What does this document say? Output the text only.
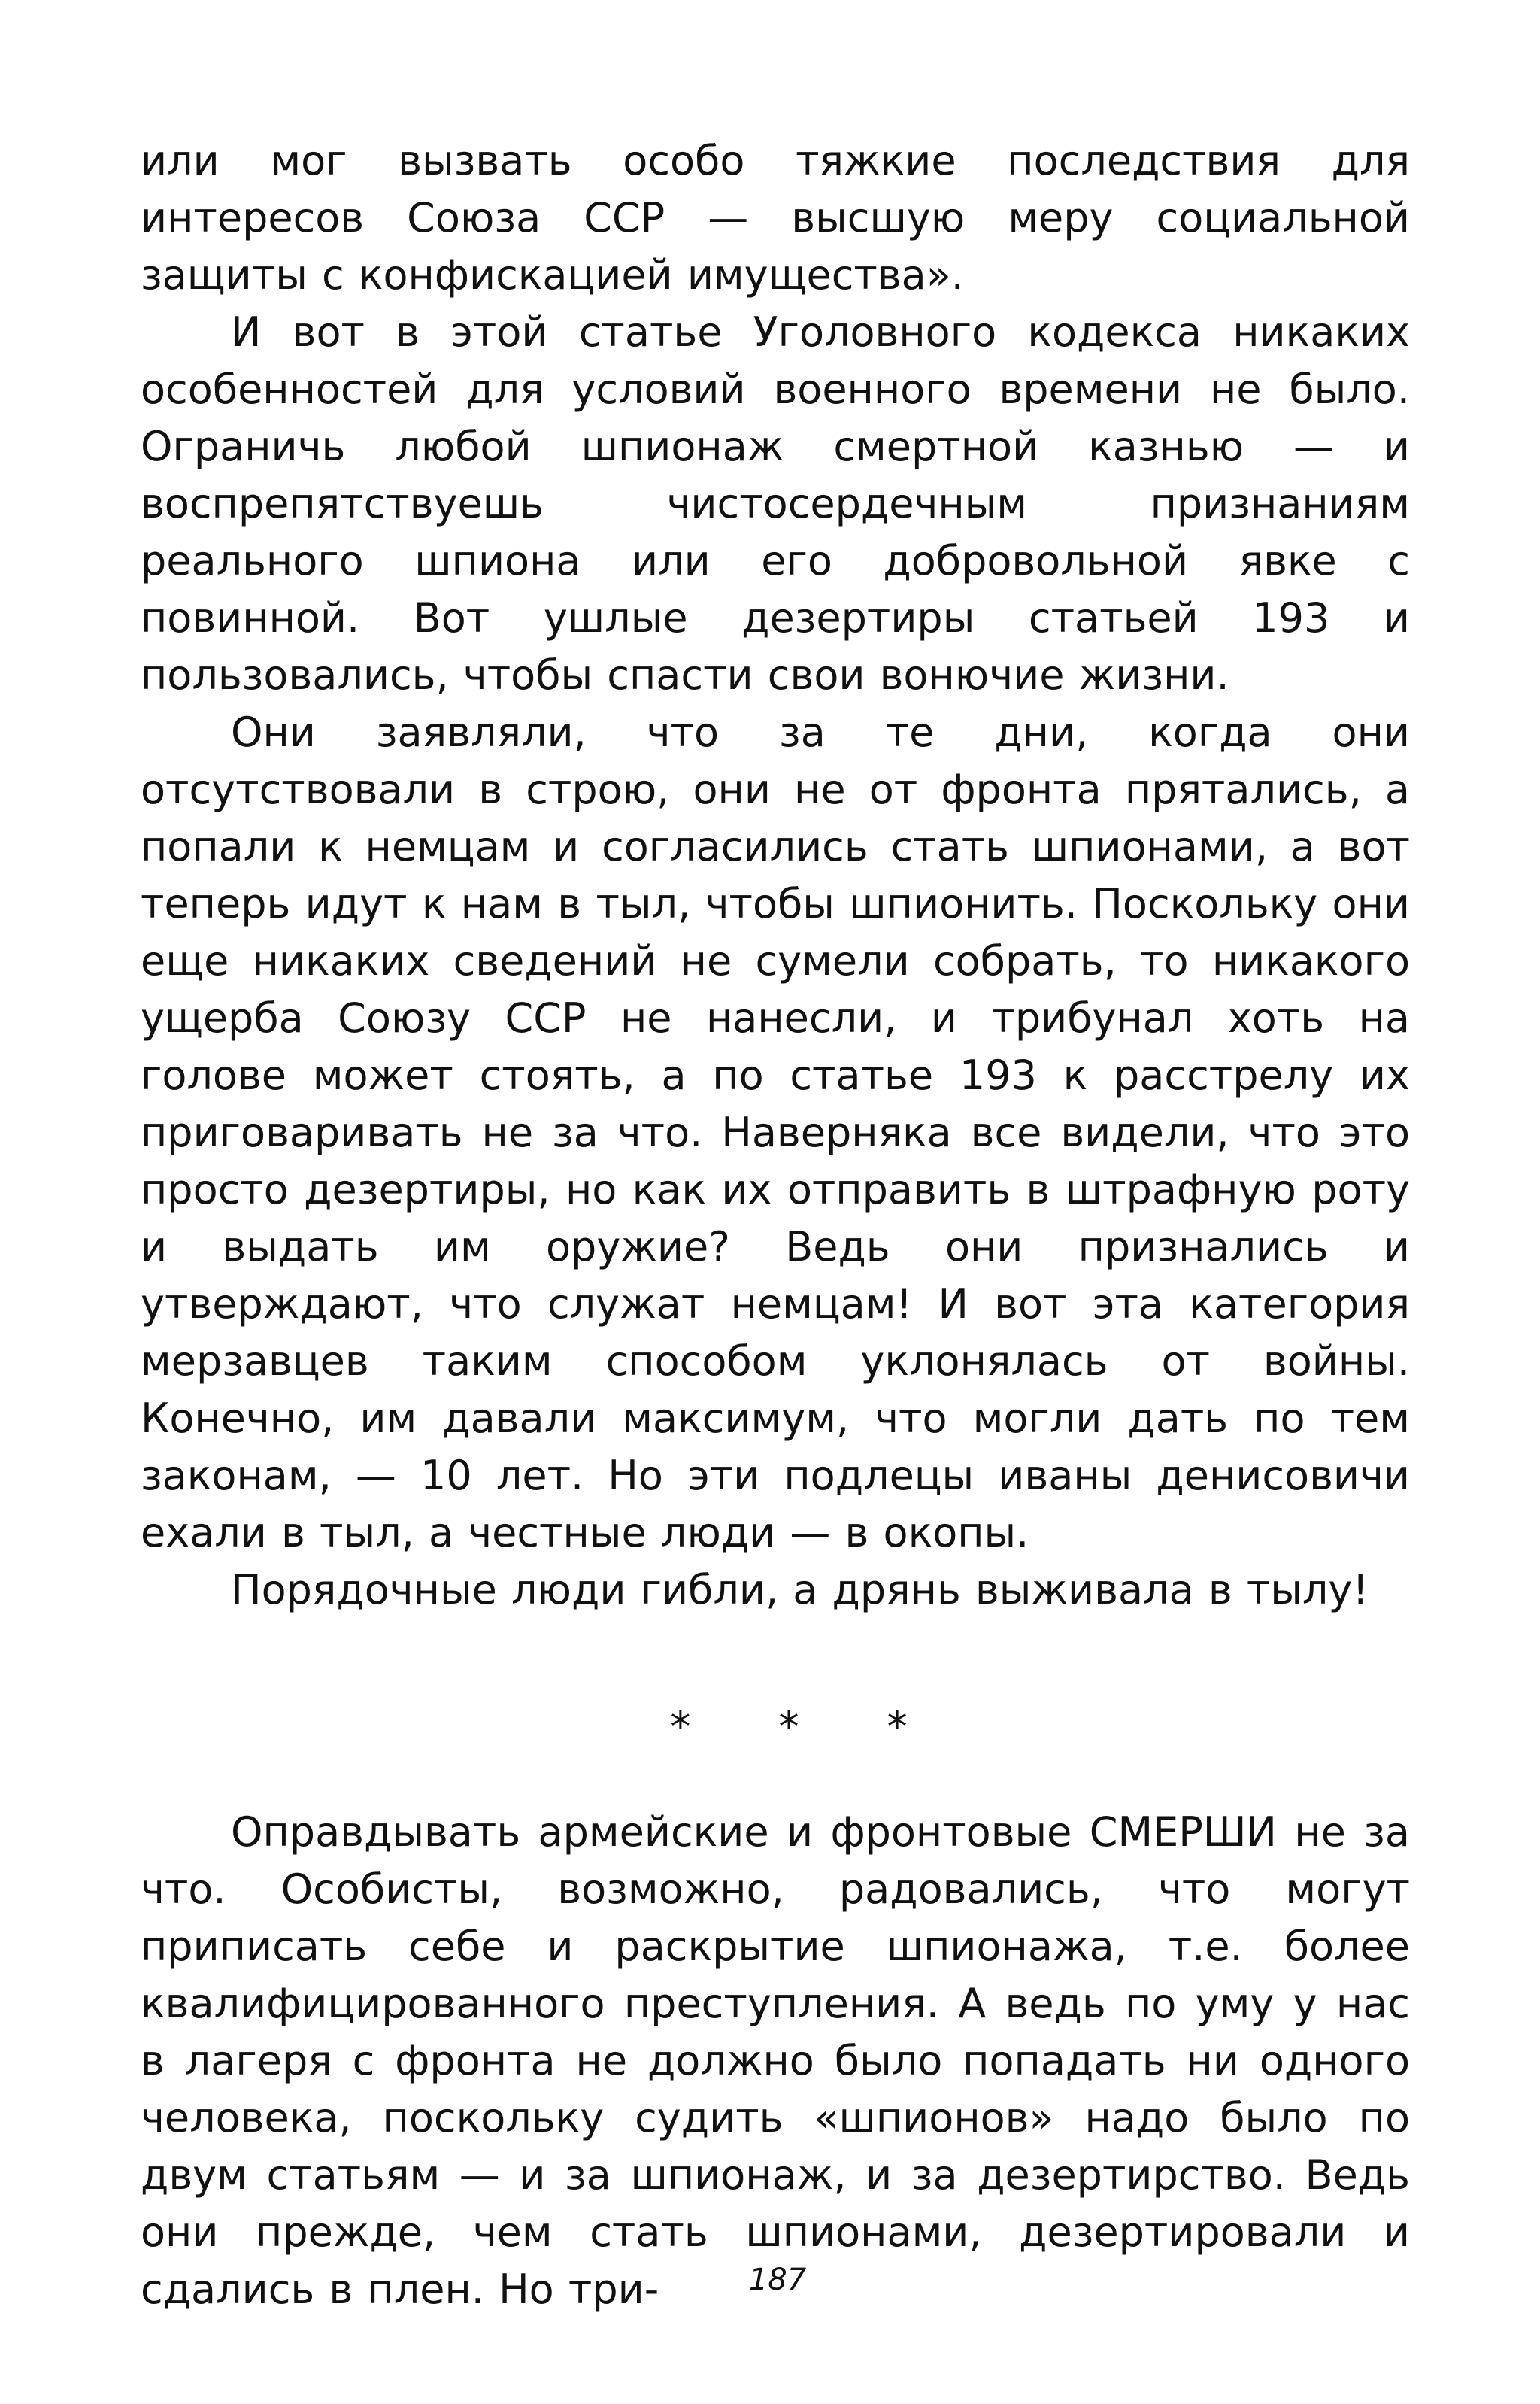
или мог вызвать особо тяжкие последствия для интересов Союза ССР — высшую меру социальной защиты с конфискацией имущества».

И вот в этой статье Уголовного кодекса никаких особенностей для условий военного времени не было. Ограничь любой шпионаж смертной казнью — и воспрепятствуешь чистосердечным признаниям реального шпиона или его добровольной явке с повинной. Вот ушлые дезертиры статьей 193 и пользовались, чтобы спасти свои вонючие жизни.

Они заявляли, что за те дни, когда они отсутствовали в строю, они не от фронта прятались, а попали к немцам и согласились стать шпионами, а вот теперь идут к нам в тыл, чтобы шпионить. Поскольку они еще никаких сведений не сумели собрать, то никакого ущерба Союзу ССР не нанесли, и трибунал хоть на голове может стоять, а по статье 193 к расстрелу их приговаривать не за что. Наверняка все видели, что это просто дезертиры, но как их отправить в штрафную роту и выдать им оружие? Ведь они признались и утверждают, что служат немцам! И вот эта категория мерзавцев таким способом уклонялась от войны. Конечно, им давали максимум, что могли дать по тем законам, — 10 лет. Но эти подлецы иваны денисовичи ехали в тыл, а честные люди — в окопы.

Порядочные люди гибли, а дрянь выживала в тылу!

* * *

Оправдывать армейские и фронтовые СМЕРШИ не за что. Особисты, возможно, радовались, что могут приписать себе и раскрытие шпионажа, т.е. более квалифицированного преступления. А ведь по уму у нас в лагеря с фронта не должно было попадать ни одного человека, поскольку судить «шпионов» надо было по двум статьям — и за шпионаж, и за дезертирство. Ведь они прежде, чем стать шпионами, дезертировали и сдались в плен. Но три-	187
